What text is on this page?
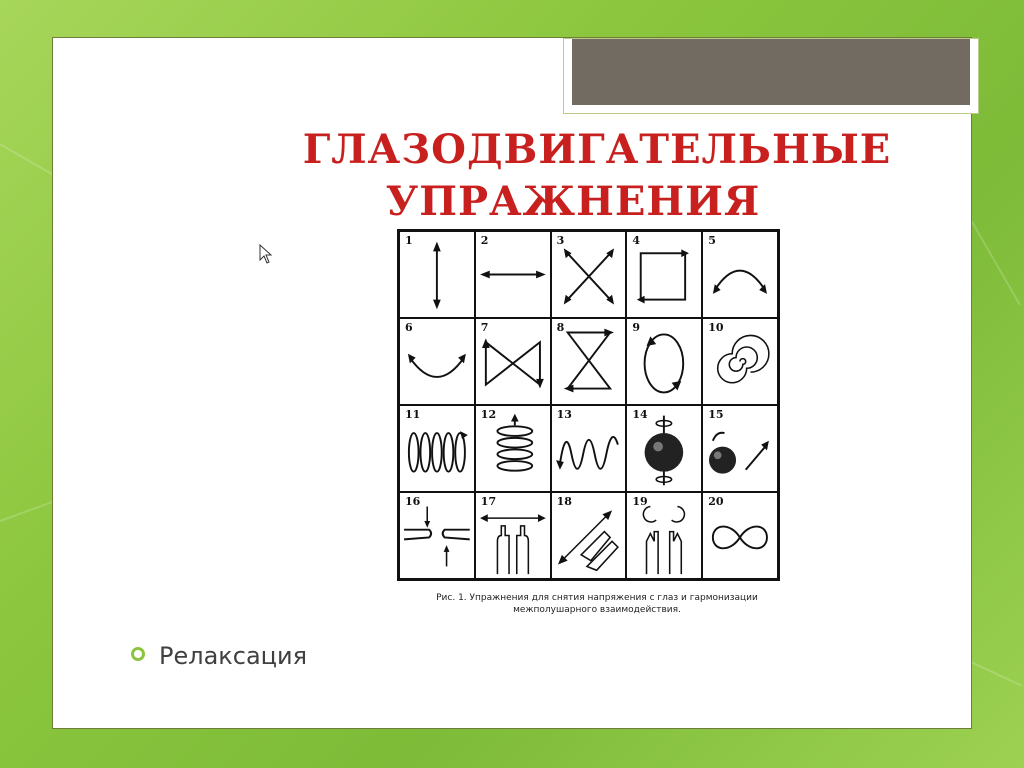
ГЛАЗОДВИГАТЕЛЬНЫЕ
УПРАЖНЕНИЯ
1	2	3	4	5
6	7	8	9	10
11	12	13	14	15
16	17	18	19	20
Рис. 1. Упражнения для снятия напряжения с глаз и гармонизации
межполушарного взаимодействия.
Релаксация
